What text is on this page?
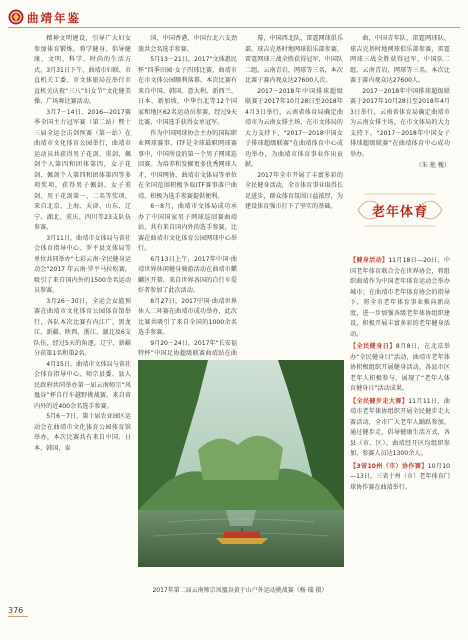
曲靖年鉴

精神文明建设，引导广大妇女参加体育锻炼，将学健身、倡导健康、文明、科学、时尚的生活方式。3月31日下午，曲靖市妇联、市直机关工委、市文体旅局在举行市直机关庆祝“三八”妇女节”文化健美操、广场舞比赛活动。

3月7－14日，2016—2017赛季全国主力冠军赛（第二站）暨十三届全运会击剑预赛（第一站）在曲靖市文化体育公园举行，曲靖市运动员共获得男子花剑、重剑、佩剑个人第四和团体第四，女子花剑、佩剑个人第四和团体第四等多项奖项，获得男子佩剑、女子重剑、男子花剑第一、二名等奖项，来自北京、上海、天津、山东、辽宁、湖北、重庆、四川等23支队伍参赛。

3月11日，曲靖市女体局与省社会体育指导中心、罗平县文体局等单位共同举办“七彩云南·全民健身运动会”2017 年云南·罗平马拉松赛，吸引了来自国内外的1500余名运动员参赛。

3月26－30日，全运会女篮预赛在曲靖市文化体育公园体育馆举行，各队本次比赛有内江广、黑龙江、新疆、陕西、浙江、湖北及6支队伍，经过5天的角逐，辽宁、新疆分获第1名和第2名。

4月15日，曲靖市文体局与省社会体育指导中心、师宗县委、县人民政府共同举办第一届云南师宗“风凰谷”杯自行车越野挑战赛，来自省内外的近400余名选手参赛。

5月6－7日，第十届农业园区运动会在曲靖市文化体育公园体育馆举办，本次比赛共有来自中国、日本、韩国、泰

国、中国香港、中国台北六支劲旅共会名选手参赛。

5月13－21日，2017“文体惠民杯”四季田园·女子四球比赛，曲靖市在市文体公园顺利落幕。本次比赛有来自中国、韩国、意大利、新西兰、日本、新加坡、中华台北等12个国家和地区62名运动员参赛，经过9天比赛，中国选手获得女单冠军。

作为中国网球协会主办的国际职业网球赛事，ITF是全球最职网球赛事中，中国所设的第一个男子网球巡回赛。为培养和发掘更多优秀网球人才，中国网协、曲靖市文体局等单位在全国范围积极争取ITF赛事落户曲靖，积极为选手参赛提供便利。

6－8月，曲靖市文体局成功承办了中国国家男子网球巡回赛曲靖站，共有来自国内外的选手参赛，比赛在曲靖市文化体育公园网球中心举行。

6月13日上午，2017年中国·曲靖世界休闲健身骑游活动在曲靖市麒麟区开幕，来自世界各国的自行车爱好者参加了此次活动。

8月27日，2017中国·曲靖世界休人二环赛在曲靖市成功举办，此次比赛共吸引了来自全国的1000余名选手参赛。

9月20－24日，2017年“长安福特杯”中国足协超级联赛曲靖站在曲

幕，中国西北队、雷霆网球俱乐部，球吉克基时地网球俱乐部参赛，雷霆网球三战全胜获得冠军，中国队二组、云南青岩，网球等三名，本次比赛于赛内观众达27600人次。

2017－2018年中国排球超级联赛于2017年10月28日至2018年4月3日举行，云南省体育局确定曲靖市为云南女排主场，在市文体局的大力支持下，“2017－2018中国女子排球超级联赛”在曲靖体育中心成功举办，为曲靖市体育事业作出贡献。

2017年全市开展了丰富多彩的全民健身活动，全市体育事业取得长足进步，群众体育氛围日益浓厚，为建设体育强市打下了坚实的基础。

曲、中国青年队、雷霆网球队、球吉克基时地网球俱乐部参赛，雷霆网球三战全胜获得冠军，中国队二组、云南青岩，网球等三名。本次比赛于赛内观众达27600人。

2017－2018年中国排球超级联赛于2017年10月28日至2018年4月3日举行，云南省体育局确定曲靖市为云南女排主场，在市文体局的大力支持下，“2017－2018年中国女子排球超级联赛”在曲靖体育中心成功举办。

（朱 艳 槐）
老年体育

【健身活动】11月18日—20日，中国老年体育联合会在世界协会，将组织曲靖作为中国老年体育运动会举办城市；在曲靖市老年体育协会的指导下，将全市老年体育事业推向新高度，进一步加强各级老年体协组织建设，积极开展丰富多彩的老年健身活动。

【全民健身日】8月8日，在北京举办“全民健身日”活动，曲靖市老年体协积极组织开展健身活动，各县市区老年人积极参与，展现了“老年人体育健身日”活动成果。

【全民健步走大赛】11月11日，曲靖市老年体协组织开展全民健步走大赛活动，全市广大老年人踊跃参加，通过健步走，倡导健康生活方式，各县（市、区）、曲靖经开区均组织参加，参赛人员达1300余人。

【3省10州（市）协作赛】10月10—13日，三省十州（市）老年体育门球协作赛在曲靖举行。

2017年第二届云南师宗凤凰谷黄于山户外运动挑战赛（杨 瑞 摄）
376
